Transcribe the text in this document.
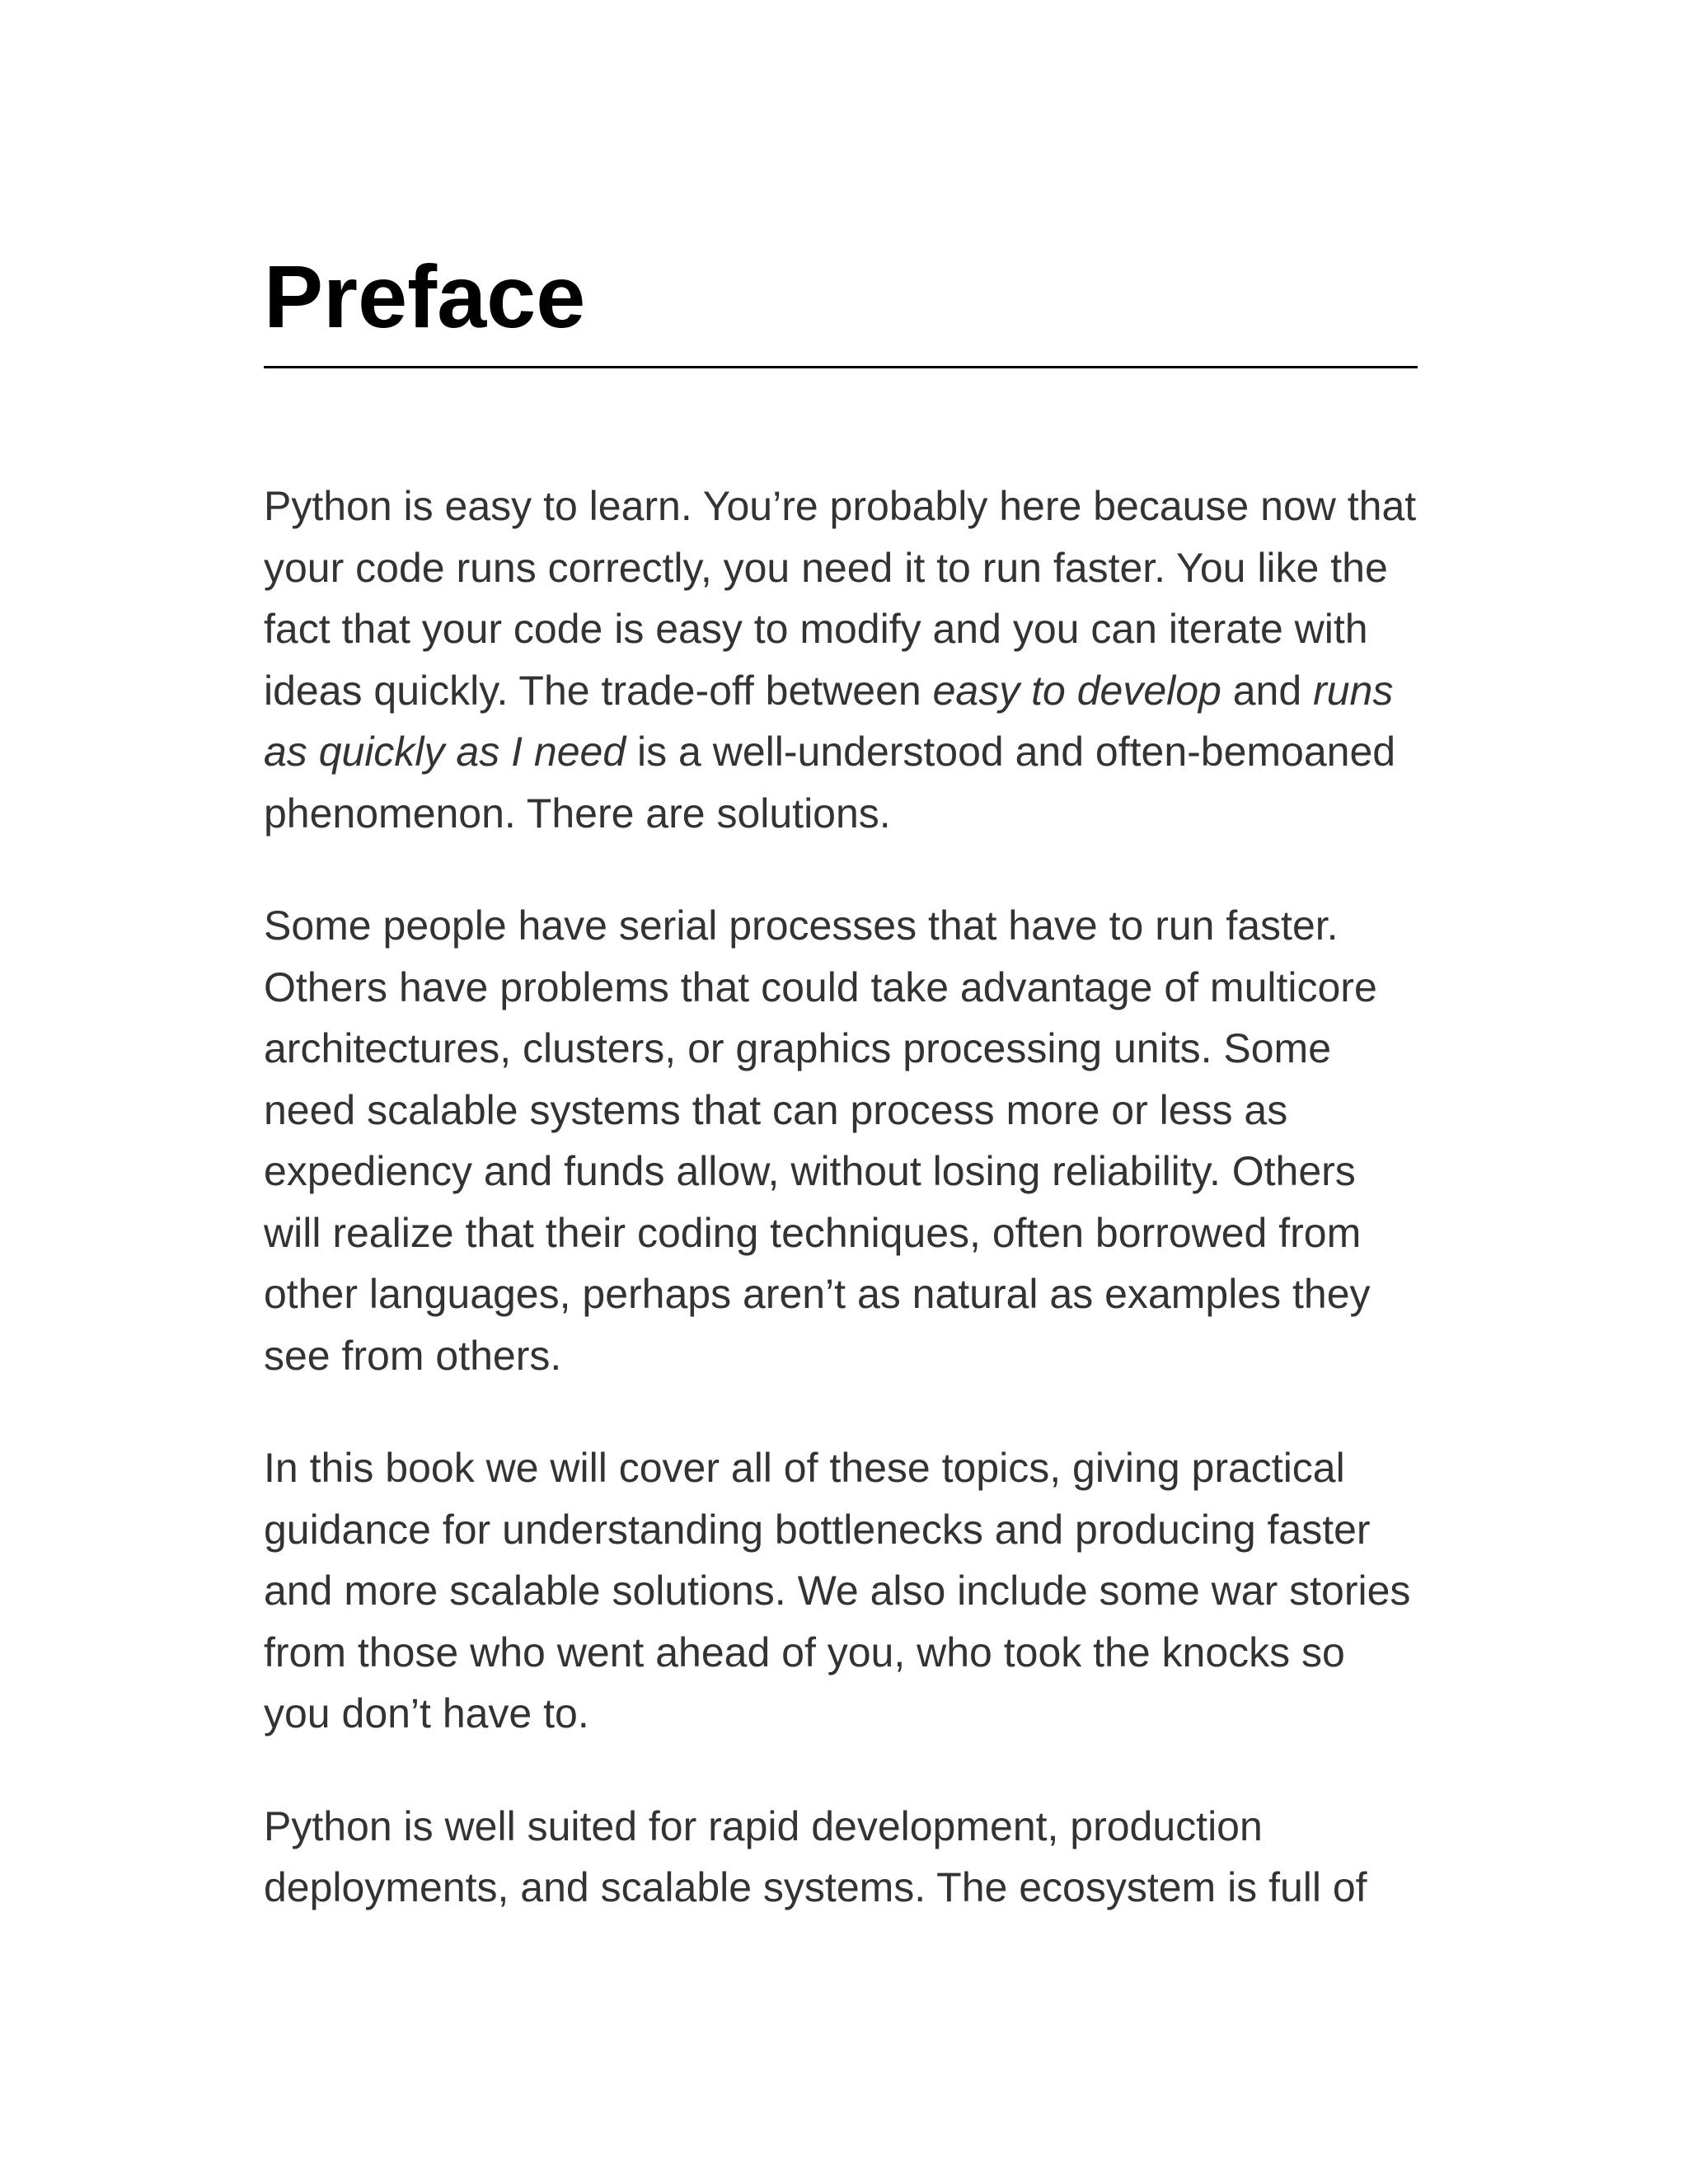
Preface

Python is easy to learn. You’re probably here because now that your code runs correctly, you need it to run faster. You like the fact that your code is easy to modify and you can iterate with ideas quickly. The trade-off between easy to develop and runs as quickly as I need is a well-understood and often-bemoaned phenomenon. There are solutions.

Some people have serial processes that have to run faster. Others have problems that could take advantage of multicore architectures, clusters, or graphics processing units. Some need scalable systems that can process more or less as expediency and funds allow, without losing reliability. Others will realize that their coding techniques, often borrowed from other languages, perhaps aren’t as natural as examples they see from others.

In this book we will cover all of these topics, giving practical guidance for understanding bottlenecks and producing faster and more scalable solutions. We also include some war stories from those who went ahead of you, who took the knocks so you don’t have to.

Python is well suited for rapid development, production deployments, and scalable systems. The ecosystem is full of
